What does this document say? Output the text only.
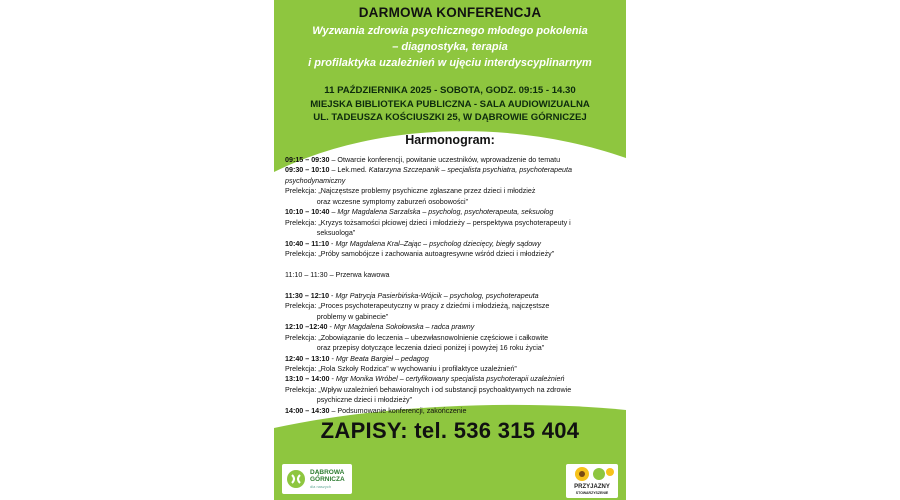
DARMOWA KONFERENCJA
Wyzwania zdrowia psychicznego młodego pokolenia
– diagnostyka, terapia
i profilaktyka uzależnień w ujęciu interdyscyplinarnym
11 PAŹDZIERNIKA 2025 - SOBOTA, GODZ. 09:15 - 14.30
MIEJSKA BIBLIOTEKA PUBLICZNA - SALA AUDIOWIZUALNA
UL. TADEUSZA KOŚCIUSZKI 25, W DĄBROWIE GÓRNICZEJ
Harmonogram:
09:15 – 09:30 – Otwarcie konferencji, powitanie uczestników, wprowadzenie do tematu
09:30 – 10:10 – Lek.med. Katarzyna Szczepanik – specjalista psychiatra, psychoterapeuta
psychodynamiczny
Prelekcja: „Najczęstsze problemy psychiczne zgłaszane przez dzieci i młodzież
oraz wczesne symptomy zaburzeń osobowości”
10:10 – 10:40 – Mgr Magdalena Sarzalska – psycholog, psychoterapeuta, seksuolog
Prelekcja: „Kryzys tożsamości płciowej dzieci i młodzieży – perspektywa psychoterapeuty i
seksuologa”
10:40 – 11:10 - Mgr Magdalena Kral–Zając – psycholog dziecięcy, biegły sądowy
Prelekcja: „Próby samobójcze i zachowania autoagresywne wśród dzieci i młodzieży”
11:10 – 11:30 – Przerwa kawowa
11:30 – 12:10 - Mgr Patrycja Pasierbińska-Wójcik – psycholog, psychoterapeuta
Prelekcja: „Proces psychoterapeutyczny w pracy z dziećmi i młodzieżą, najczęstsze
problemy w gabinecie”
12:10 –12:40 - Mgr Magdalena Sokołowska – radca prawny
Prelekcja: „Zobowiązanie do leczenia – ubezwłasnowolnienie częściowe i całkowite
oraz przepisy dotyczące leczenia dzieci poniżej i powyżej 16 roku życia”
12:40 – 13:10 - Mgr Beata Bargieł – pedagog
Prelekcja: „Rola Szkoły Rodzica” w wychowaniu i profilaktyce uzależnień”
13:10 – 14:00 - Mgr Monika Wróbel – certyfikowany specjalista psychoterapii uzależnień
Prelekcja: „Wpływ uzależnień behawioralnych i od substancji psychoaktywnych na zdrowie
psychiczne dzieci i młodzieży”
14:00 – 14:30 – Podsumowanie konferencji, zakończenie
ZAPISY: tel. 536 315 404
DĄBROWA
GÓRNICZA
dla naszych	PRZYJAZNY
STOWARZYSZENIE
